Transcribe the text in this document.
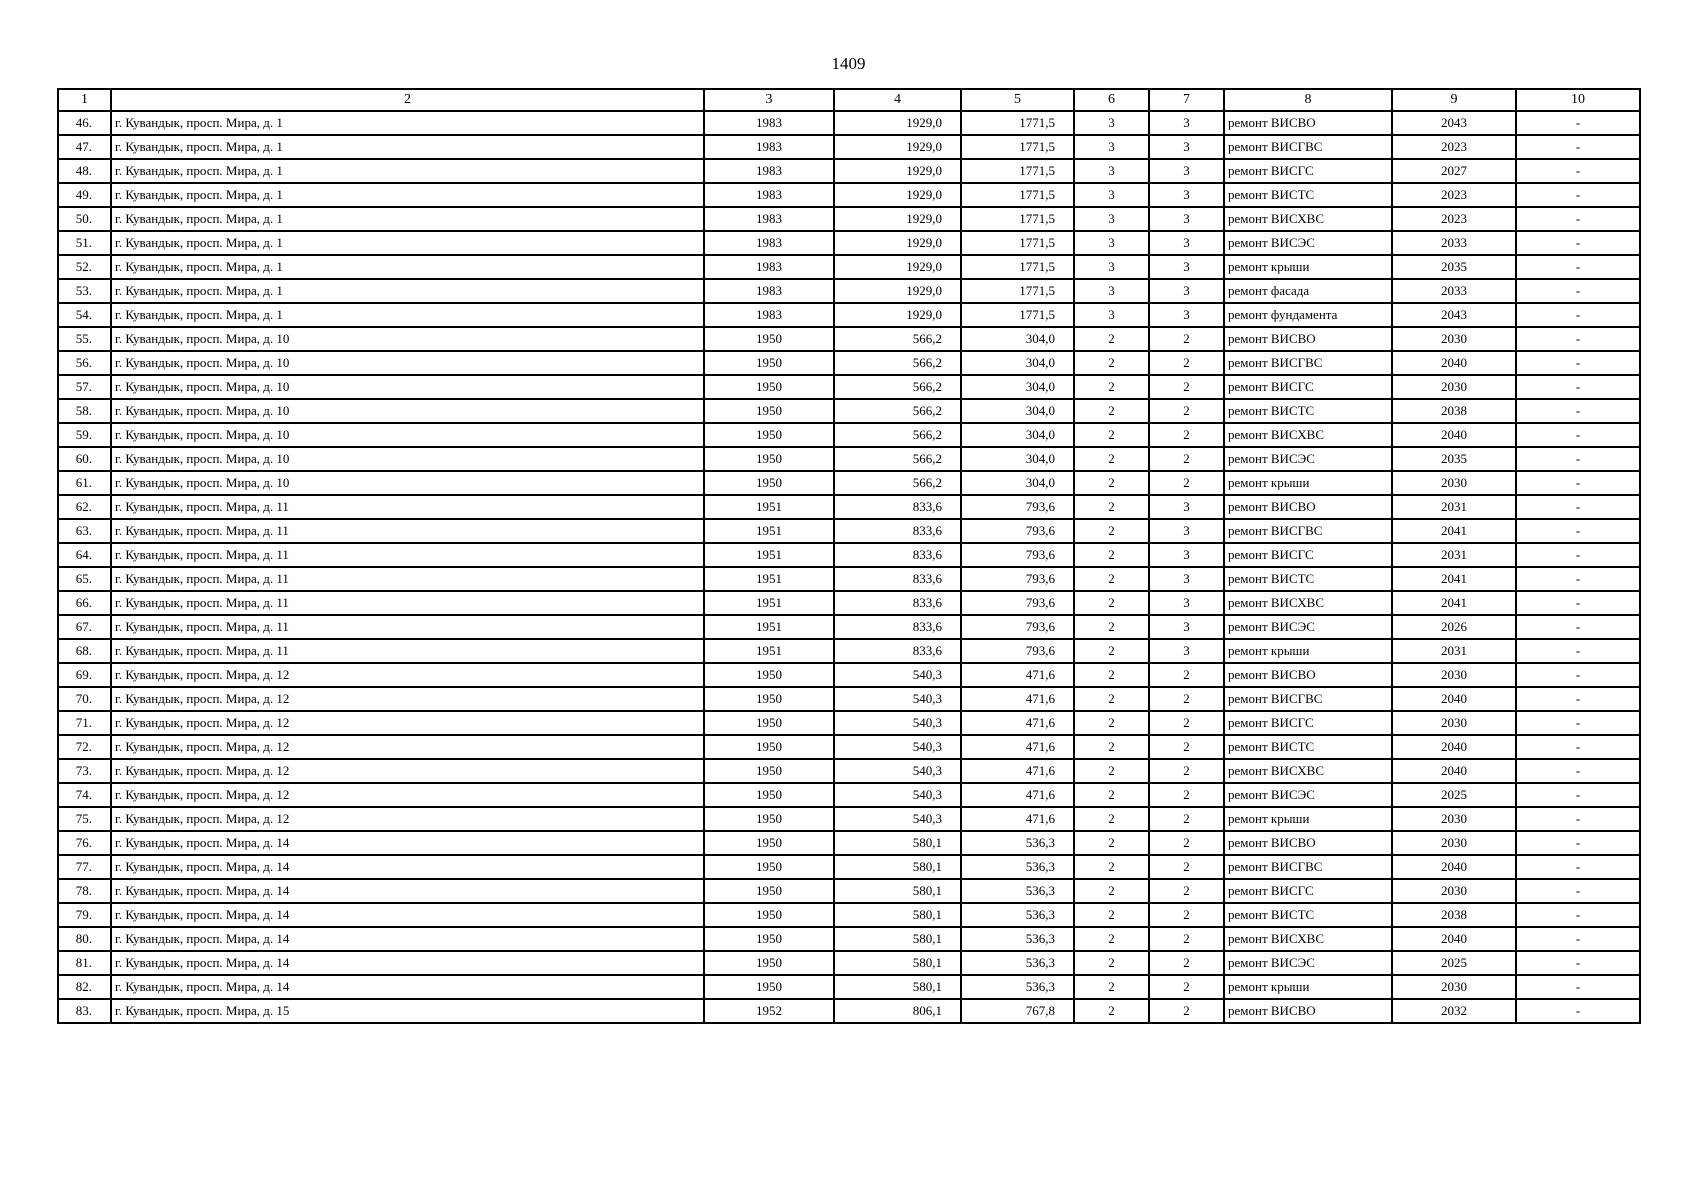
1409
1	2	3	4	5	6	7	8	9	10
46.	г. Кувандык, просп. Мира, д. 1	1983	1929,0	1771,5	3	3	ремонт ВИСВО	2043	-
47.	г. Кувандык, просп. Мира, д. 1	1983	1929,0	1771,5	3	3	ремонт ВИСГВС	2023	-
48.	г. Кувандык, просп. Мира, д. 1	1983	1929,0	1771,5	3	3	ремонт ВИСГС	2027	-
49.	г. Кувандык, просп. Мира, д. 1	1983	1929,0	1771,5	3	3	ремонт ВИСТС	2023	-
50.	г. Кувандык, просп. Мира, д. 1	1983	1929,0	1771,5	3	3	ремонт ВИСХВС	2023	-
51.	г. Кувандык, просп. Мира, д. 1	1983	1929,0	1771,5	3	3	ремонт ВИСЭС	2033	-
52.	г. Кувандык, просп. Мира, д. 1	1983	1929,0	1771,5	3	3	ремонт крыши	2035	-
53.	г. Кувандык, просп. Мира, д. 1	1983	1929,0	1771,5	3	3	ремонт фасада	2033	-
54.	г. Кувандык, просп. Мира, д. 1	1983	1929,0	1771,5	3	3	ремонт фундамента	2043	-
55.	г. Кувандык, просп. Мира, д. 10	1950	566,2	304,0	2	2	ремонт ВИСВО	2030	-
56.	г. Кувандык, просп. Мира, д. 10	1950	566,2	304,0	2	2	ремонт ВИСГВС	2040	-
57.	г. Кувандык, просп. Мира, д. 10	1950	566,2	304,0	2	2	ремонт ВИСГС	2030	-
58.	г. Кувандык, просп. Мира, д. 10	1950	566,2	304,0	2	2	ремонт ВИСТС	2038	-
59.	г. Кувандык, просп. Мира, д. 10	1950	566,2	304,0	2	2	ремонт ВИСХВС	2040	-
60.	г. Кувандык, просп. Мира, д. 10	1950	566,2	304,0	2	2	ремонт ВИСЭС	2035	-
61.	г. Кувандык, просп. Мира, д. 10	1950	566,2	304,0	2	2	ремонт крыши	2030	-
62.	г. Кувандык, просп. Мира, д. 11	1951	833,6	793,6	2	3	ремонт ВИСВО	2031	-
63.	г. Кувандык, просп. Мира, д. 11	1951	833,6	793,6	2	3	ремонт ВИСГВС	2041	-
64.	г. Кувандык, просп. Мира, д. 11	1951	833,6	793,6	2	3	ремонт ВИСГС	2031	-
65.	г. Кувандык, просп. Мира, д. 11	1951	833,6	793,6	2	3	ремонт ВИСТС	2041	-
66.	г. Кувандык, просп. Мира, д. 11	1951	833,6	793,6	2	3	ремонт ВИСХВС	2041	-
67.	г. Кувандык, просп. Мира, д. 11	1951	833,6	793,6	2	3	ремонт ВИСЭС	2026	-
68.	г. Кувандык, просп. Мира, д. 11	1951	833,6	793,6	2	3	ремонт крыши	2031	-
69.	г. Кувандык, просп. Мира, д. 12	1950	540,3	471,6	2	2	ремонт ВИСВО	2030	-
70.	г. Кувандык, просп. Мира, д. 12	1950	540,3	471,6	2	2	ремонт ВИСГВС	2040	-
71.	г. Кувандык, просп. Мира, д. 12	1950	540,3	471,6	2	2	ремонт ВИСГС	2030	-
72.	г. Кувандык, просп. Мира, д. 12	1950	540,3	471,6	2	2	ремонт ВИСТС	2040	-
73.	г. Кувандык, просп. Мира, д. 12	1950	540,3	471,6	2	2	ремонт ВИСХВС	2040	-
74.	г. Кувандык, просп. Мира, д. 12	1950	540,3	471,6	2	2	ремонт ВИСЭС	2025	-
75.	г. Кувандык, просп. Мира, д. 12	1950	540,3	471,6	2	2	ремонт крыши	2030	-
76.	г. Кувандык, просп. Мира, д. 14	1950	580,1	536,3	2	2	ремонт ВИСВО	2030	-
77.	г. Кувандык, просп. Мира, д. 14	1950	580,1	536,3	2	2	ремонт ВИСГВС	2040	-
78.	г. Кувандык, просп. Мира, д. 14	1950	580,1	536,3	2	2	ремонт ВИСГС	2030	-
79.	г. Кувандык, просп. Мира, д. 14	1950	580,1	536,3	2	2	ремонт ВИСТС	2038	-
80.	г. Кувандык, просп. Мира, д. 14	1950	580,1	536,3	2	2	ремонт ВИСХВС	2040	-
81.	г. Кувандык, просп. Мира, д. 14	1950	580,1	536,3	2	2	ремонт ВИСЭС	2025	-
82.	г. Кувандык, просп. Мира, д. 14	1950	580,1	536,3	2	2	ремонт крыши	2030	-
83.	г. Кувандык, просп. Мира, д. 15	1952	806,1	767,8	2	2	ремонт ВИСВО	2032	-
